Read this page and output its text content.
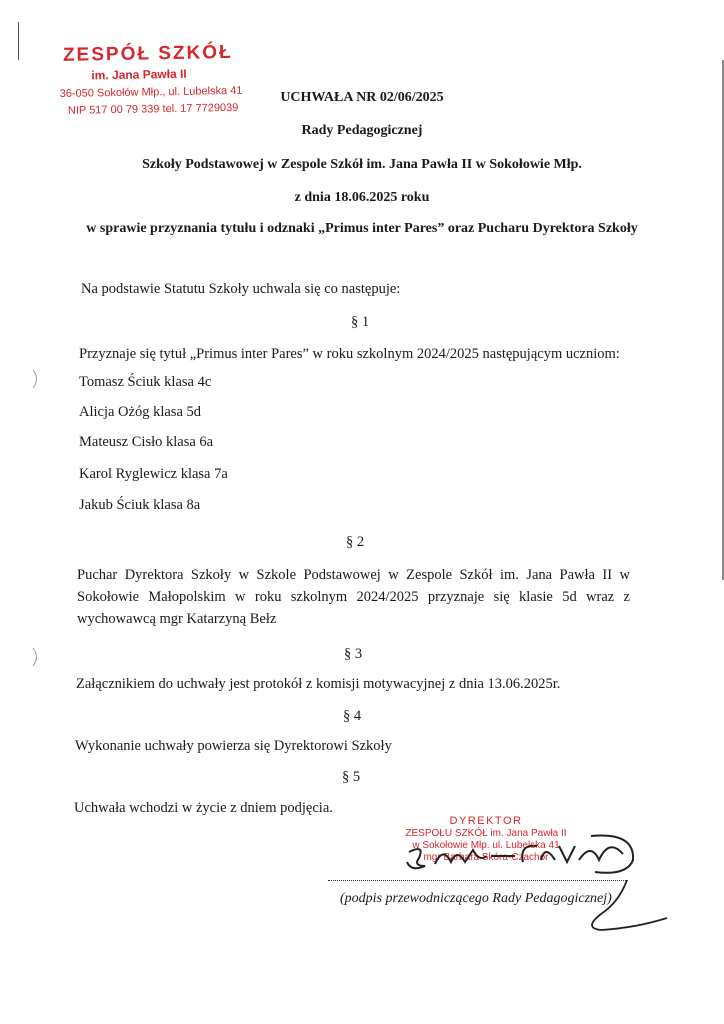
ZESPÓŁ SZKÓŁ
im. Jana Pawła II
36-050 Sokołów Młp., ul. Lubelska 41
NIP 517 00 79 339 tel. 17 7729039
UCHWAŁA NR 02/06/2025
Rady Pedagogicznej
Szkoły Podstawowej w Zespole Szkół im. Jana Pawła II w Sokołowie Młp.
z dnia 18.06.2025 roku
w sprawie przyznania tytułu i odznaki „Primus inter Pares” oraz Pucharu Dyrektora Szkoły
Na podstawie Statutu Szkoły uchwala się co następuje:
§ 1
Przyznaje się tytuł „Primus inter Pares” w roku szkolnym 2024/2025 następującym uczniom:
Tomasz Ściuk klasa 4c
Alicja Ożóg klasa 5d
Mateusz Cisło klasa 6a
Karol Ryglewicz klasa 7a
Jakub Ściuk klasa 8a
§ 2
Puchar Dyrektora Szkoły w Szkole Podstawowej w Zespole Szkół im. Jana Pawła II w Sokołowie Małopolskim w roku szkolnym 2024/2025 przyznaje się klasie 5d wraz z wychowawcą mgr Katarzyną Bełz
§ 3
Załącznikiem do uchwały jest protokół z komisji motywacyjnej z dnia 13.06.2025r.
§ 4
Wykonanie uchwały powierza się Dyrektorowi Szkoły
§ 5
Uchwała wchodzi w życie z dniem podjęcia.
DYREKTOR
ZESPOŁU SZKÓŁ im. Jana Pawła II
w Sokołowie Młp. ul. Lubelska 41
mgr Barbara Skóra-Czachor
(podpis przewodniczącego Rady Pedagogicznej)
